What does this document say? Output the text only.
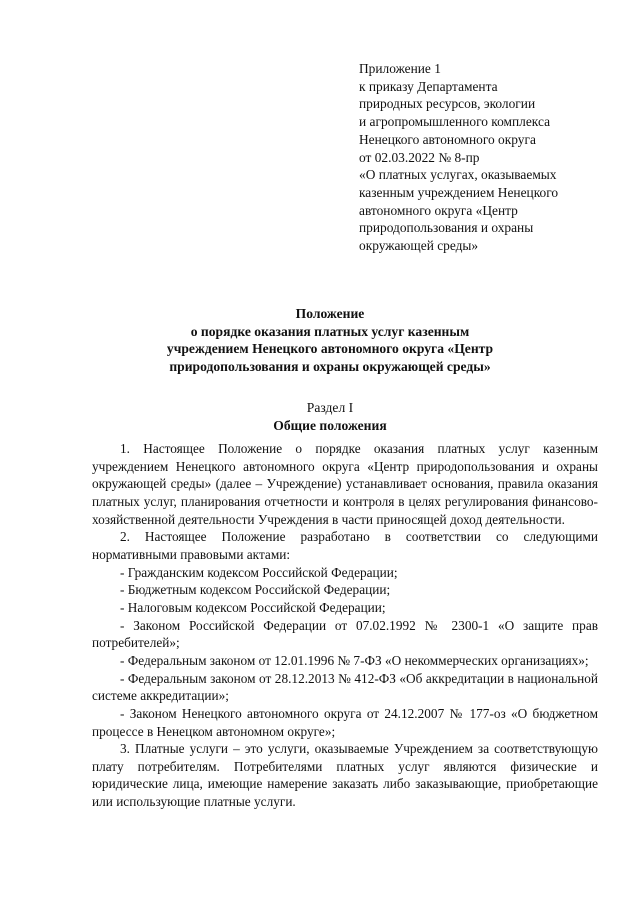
Приложение 1
к приказу Департамента
природных ресурсов, экологии
и агропромышленного комплекса
Ненецкого автономного округа
от 02.03.2022 № 8-пр
«О платных услугах, оказываемых
казенным учреждением Ненецкого
автономного округа «Центр
природопользования и охраны
окружающей среды»
Положение
о порядке оказания платных услуг казенным
учреждением Ненецкого автономного округа «Центр
природопользования и охраны окружающей среды»
Раздел I
Общие положения

1. Настоящее Положение о порядке оказания платных услуг казенным учреждением Ненецкого автономного округа «Центр природопользования и охраны окружающей среды» (далее – Учреждение) устанавливает основания, правила оказания платных услуг, планирования отчетности и контроля в целях регулирования финансово-хозяйственной деятельности Учреждения в части приносящей доход деятельности.

2. Настоящее Положение разработано в соответствии со следующими нормативными правовыми актами:

- Гражданским кодексом Российской Федерации;

- Бюджетным кодексом Российской Федерации;

- Налоговым кодексом Российской Федерации;

- Законом Российской Федерации от 07.02.1992 № 2300-1 «О защите прав потребителей»;

- Федеральным законом от 12.01.1996 № 7-ФЗ «О некоммерческих организациях»;

- Федеральным законом от 28.12.2013 № 412-ФЗ «Об аккредитации в национальной системе аккредитации»;

- Законом Ненецкого автономного округа от 24.12.2007 № 177-оз «О бюджетном процессе в Ненецком автономном округе»;

3. Платные услуги – это услуги, оказываемые Учреждением за соответствующую плату потребителям. Потребителями платных услуг являются физические и юридические лица, имеющие намерение заказать либо заказывающие, приобретающие или использующие платные услуги.
